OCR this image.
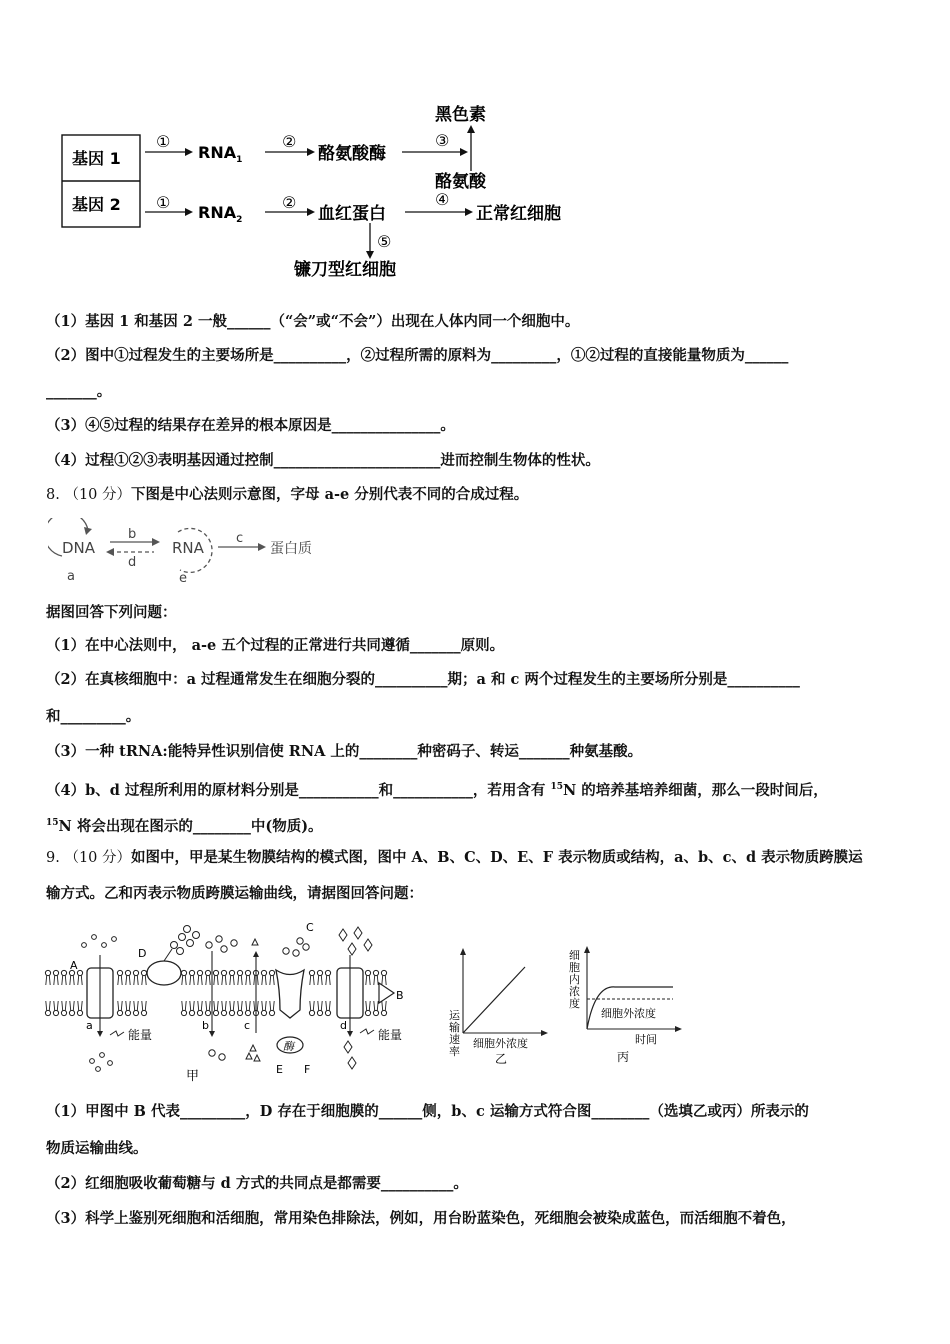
基因 1
基因 2
①
$RNA_1$
②
酪氨酸酶
③
黑色素
酪氨酸
①
$RNA_2$
②
血红蛋白
④
正常红细胞
⑤
镰刀型红细胞
（1）基因 1 和基因 2 一般______（“会”或“不会”）出现在人体内同一个细胞中。
（2）图中①过程发生的主要场所是__________，②过程所需的原料为_________，①②过程的直接能量物质为______
_______。
（3）④⑤过程的结果存在差异的根本原因是_______________。
（4）过程①②③表明基因通过控制_______________________进而控制生物体的性状。
8. （10 分）下图是中心法则示意图，字母 a-e 分别代表不同的合成过程。
DNA	RNA	蛋白质
b
d
c
a	e
据图回答下列问题：
（1）在中心法则中， a-e 五个过程的正常进行共同遵循_______原则。
（2）在真核细胞中：a 过程通常发生在细胞分裂的__________期；a 和 c 两个过程发生的主要场所分别是__________
和_________。
（3）一种 tRNA:能特异性识别信使 RNA 上的________种密码子、转运_______种氨基酸。
（4）b、d 过程所利用的原材料分别是___________和___________，若用含有 $^{15}$N 的培养基培养细菌，那么一段时间后，
$^{15}$N 将会出现在图示的________中(物质)。
9. （10 分）如图中，甲是某生物膜结构的模式图，图中 A、B、C、D、E、F 表示物质或结构，a、b、c、d 表示物质跨膜运
输方式。乙和丙表示物质跨膜运输曲线，请据图回答问题：
酶
A
B
C
D
E F
a	b	c	d
能量	能量
甲
运输速率
细胞外浓度
乙
细胞内浓度
细胞外浓度
时间
丙
（1）甲图中 B 代表_________，D 存在于细胞膜的______侧，b、c 运输方式符合图________（选填乙或丙）所表示的
物质运输曲线。
（2）红细胞吸收葡萄糖与 d 方式的共同点是都需要__________。
（3）科学上鉴别死细胞和活细胞，常用染色排除法，例如，用台盼蓝染色，死细胞会被染成蓝色，而活细胞不着色，
